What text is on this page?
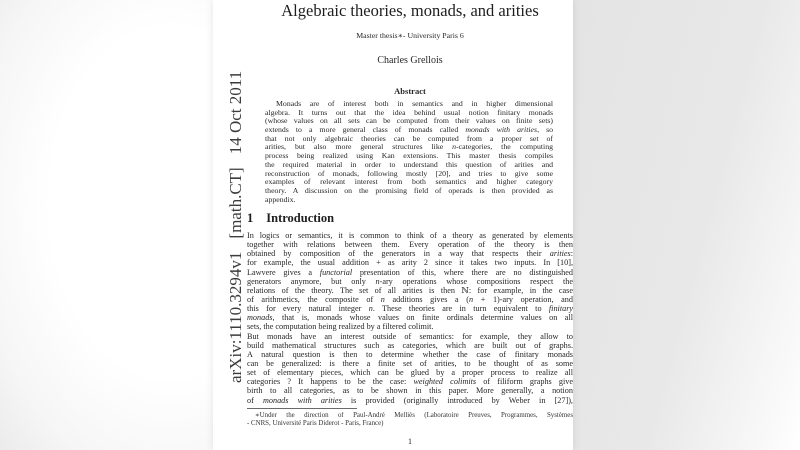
Algebraic theories, monads, and arities
Master thesis∗- University Paris 6
Charles Grellois
Abstract
Monads are of interest both in semantics and in higher dimensional
algebra. It turns out that the idea behind usual notion finitary monads
(whose values on all sets can be computed from their values on finite sets)
extends to a more general class of monads called monads with arities, so
that not only algebraic theories can be computed from a proper set of
arities, but also more general structures like n-categories, the computing
process being realized using Kan extensions. This master thesis compiles
the required material in order to understand this question of arities and
reconstruction of monads, following mostly [20], and tries to give some
examples of relevant interest from both semantics and higher category
theory. A discussion on the promising field of operads is then provided as
appendix.
1 Introduction
In logics or semantics, it is common to think of a theory as generated by elements
together with relations between them. Every operation of the theory is then
obtained by composition of the generators in a way that respects their arities:
for example, the usual addition + as arity 2 since it takes two inputs. In [10],
Lawvere gives a functorial presentation of this, where there are no distinguished
generators anymore, but only n-ary operations whose compositions respect the
relations of the theory. The set of all arities is then ℕ: for example, in the case
of arithmetics, the composite of n additions gives a (n + 1)-ary operation, and
this for every natural integer n. These theories are in turn equivalent to finitary
monads, that is, monads whose values on finite ordinals determine values on all
sets, the computation being realized by a filtered colimit.
But monads have an interest outside of semantics: for example, they allow to
build mathematical structures such as categories, which are built out of graphs.
A natural question is then to determine whether the case of finitary monads
can be generalized: is there a finite set of arities, to be thought of as some
set of elementary pieces, which can be glued by a proper process to realize all
categories ? It happens to be the case: weighted colimits of filiform graphs give
birth to all categories, as to be shown in this paper. More generally, a notion
of monads with arities is provided (originally introduced by Weber in [27]),
∗Under the direction of Paul-André Melliès (Laboratoire Preuves, Programmes, Systèmes
- CNRS, Université Paris Diderot - Paris, France)
1
arXiv:1110.3294v1
[math.CT]
14 Oct 2011
